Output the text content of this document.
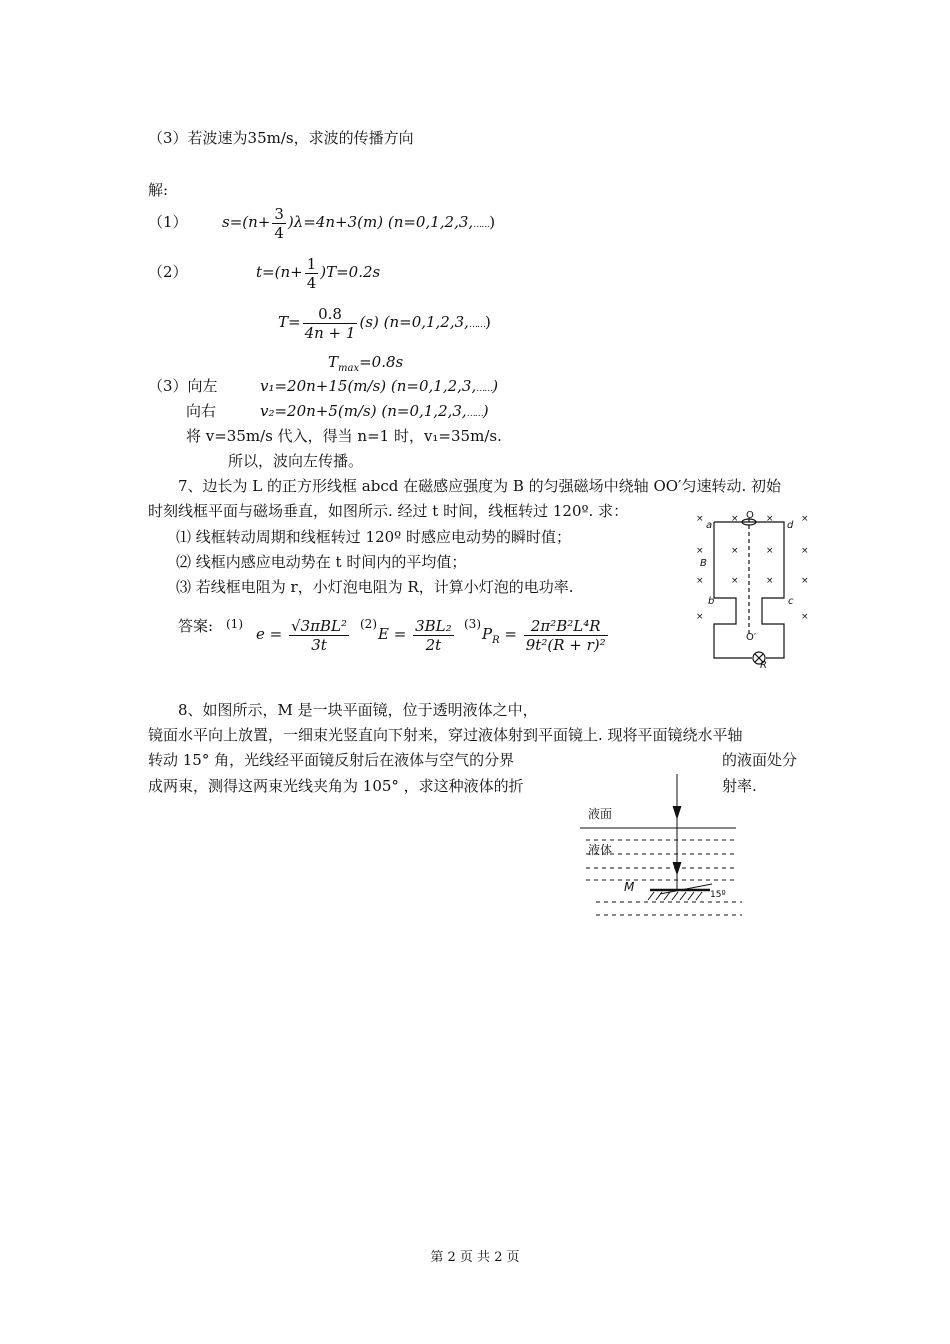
（3）若波速为35m/s，求波的传播方向
解:
（1） $s=(n+ \frac{3}{4} )\lambda=4n+3(m)$ (n=0,1,2,3,……)
（2）	$t=(n+ \frac{1}{4} )T=0.2s$
$T= \frac{0.8}{4n + 1} (s)$ (n=0,1,2,3,……)
$T_{max}=0.8s$
（3）向左	v₁=20n+15(m/s) (n=0,1,2,3,……)
向右	v₂=20n+5(m/s) (n=0,1,2,3,……)
将 v=35m/s 代入，得当 n=1 时，v₁=35m/s.
所以，波向左传播。
7、边长为 L 的正方形线框 abcd 在磁感应强度为 B 的匀强磁场中绕轴 OO′匀速转动. 初始
时刻线框平面与磁场垂直，如图所示. 经过 t 时间，线框转过 120º. 求：
⑴ 线框转动周期和线框转过 120º 时感应电动势的瞬时值；
⑵ 线框内感应电动势在 t 时间内的平均值；
⑶ 若线框电阻为 r，小灯泡电阻为 R，计算小灯泡的电功率.
答案: (1)
$e = \frac{\text{√3πBL²}}{3t} (2)$
$E = \frac{\text{3BL₂}}{2t} (3)$
$P_R = \frac{\text{2π²B²L⁴R}}{\text{9t²(R + r)²}}$
O
a	d
B
b	c
O′
R
×	×	×	×
×	×	×	×
×	×	×	×
×	×
8、如图所示，M 是一块平面镜，位于透明液体之中，
镜面水平向上放置，一细束光竖直向下射来，穿过液体射到平面镜上. 现将平面镜绕水平轴
转动 15° 角，光线经平面镜反射后在液体与空气的分界	的液面处分
成两束，测得这两束光线夹角为 105° ，求这种液体的折	射率.
液面
液体
M
15º
第 2 页 共 2 页
